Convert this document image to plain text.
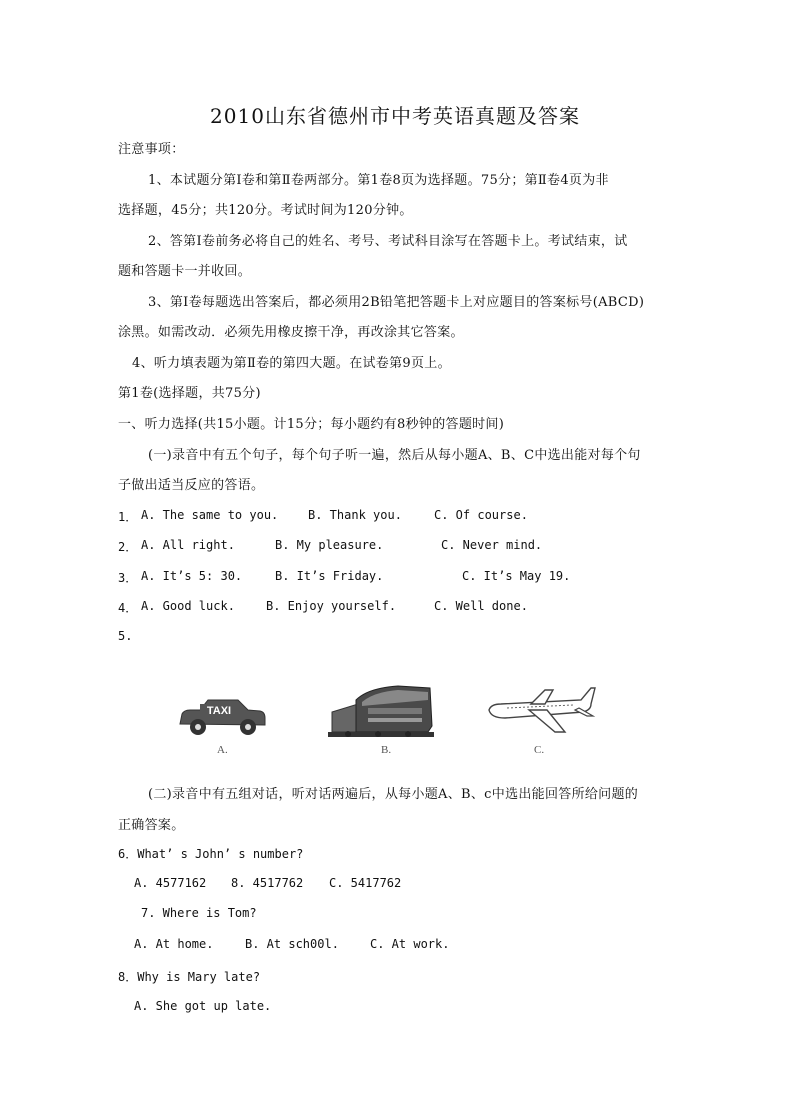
2010山东省德州市中考英语真题及答案
注意事项：
1、本试题分第Ⅰ卷和第Ⅱ卷两部分。第1卷8页为选择题。75分；第Ⅱ卷4页为非
选择题，45分；共120分。考试时间为120分钟。
2、答第Ⅰ卷前务必将自己的姓名、考号、考试科目涂写在答题卡上。考试结束，试
题和答题卡一并收回。
3、第Ⅰ卷每题选出答案后，都必须用2B铅笔把答题卡上对应题目的答案标号(ABCD)
涂黑。如需改动．必须先用橡皮擦干净，再改涂其它答案。
4、听力填表题为第Ⅱ卷的第四大题。在试卷第9页上。
第1卷(选择题，共75分)
一、听力选择(共15小题。计15分；每小题约有8秒钟的答题时间)
(一)录音中有五个句子，每个句子听一遍，然后从每小题A、B、C中选出能对每个句
子做出适当反应的答语。
1． A. The same to you. B. Thank you.	C. Of course.
2． A. All right.	B. My pleasure.	C. Never mind.
3． A. It’s 5: 30.	B. It’s Friday.	C. It’s May 19.
4． A. Good luck.	B. Enjoy yourself.	C. Well done.
5.
TAXI
A.	B.	C.
(二)录音中有五组对话，听对话两遍后，从每小题A、B、c中选出能回答所给问题的
正确答案。
6．What’ s John’ s number?
A. 4577162 8. 4517762 C. 5417762
7. Where is Tom?
A. At home.	B. At sch00l.	C. At work.
8．Why is Mary late?
A. She got up late.
